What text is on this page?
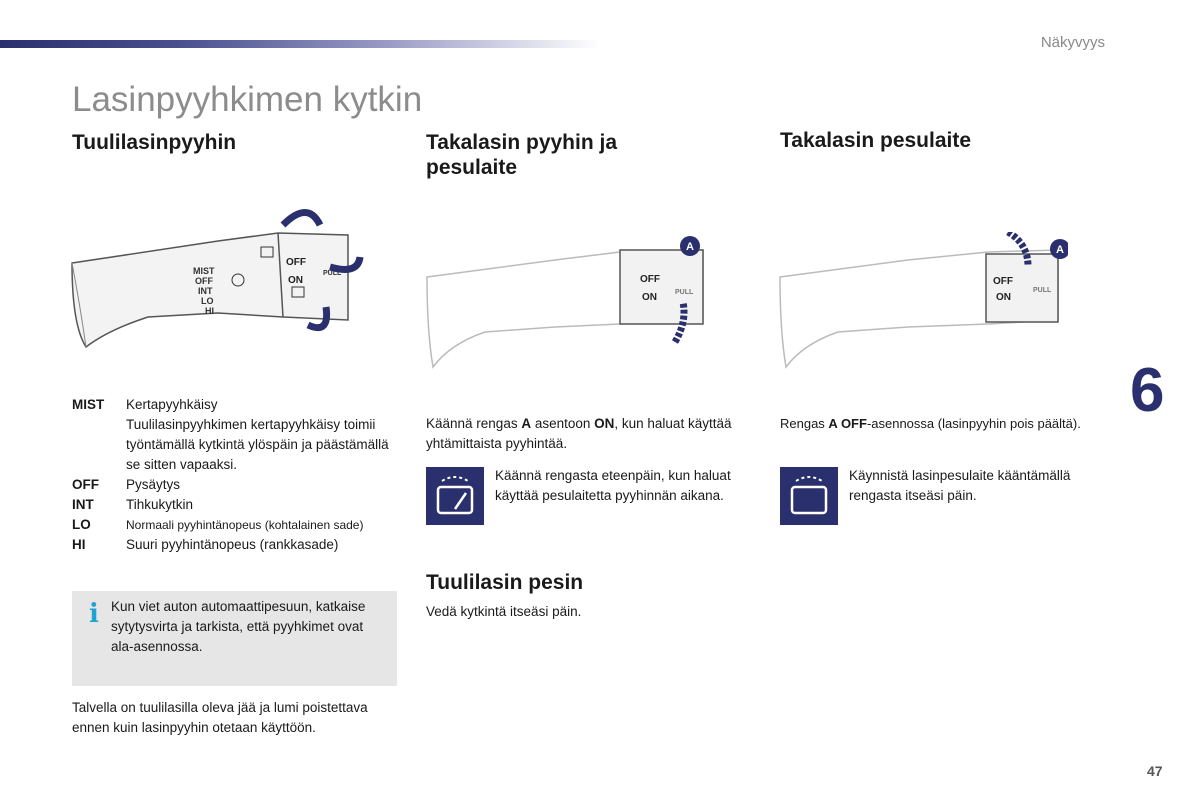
Näkyvyys
Lasinpyyhkimen kytkin
Tuulilasinpyyhin	Takalasin pyyhin ja pesulaite
Takalasin pesulaite
MIST
OFF
INT
LO
HI
OFF
ON
PULL
OFF
ON	PULL
A
OFF
ON
PULL
A
MIST	Kertapyyhkäisy
Tuulilasinpyyhkimen kertapyyhkäisy toimii työntämällä kytkintä ylöspäin ja päästämällä se sitten vapaaksi.
OFF	Pysäytys
INT	Tihkukytkin
LO	Normaali pyyhintänopeus (kohtalainen sade)
HI	Suuri pyyhintänopeus (rankkasade)
i Kun viet auton automaattipesuun, katkaise sytytysvirta ja tarkista, että pyyhkimet ovat ala-asennossa.
Talvella on tuulilasilla oleva jää ja lumi poistettava ennen kuin lasinpyyhin otetaan käyttöön.
Käännä rengas A asentoon ON, kun haluat käyttää yhtämittaista pyyhintää.
Käännä rengasta eteenpäin, kun haluat käyttää pesulaitetta pyyhinnän aikana.
Tuulilasin pesin
Vedä kytkintä itseäsi päin.
Rengas A OFF-asennossa (lasinpyyhin pois päältä).
Käynnistä lasinpesulaite kääntämällä rengasta itseäsi päin.
6
47
